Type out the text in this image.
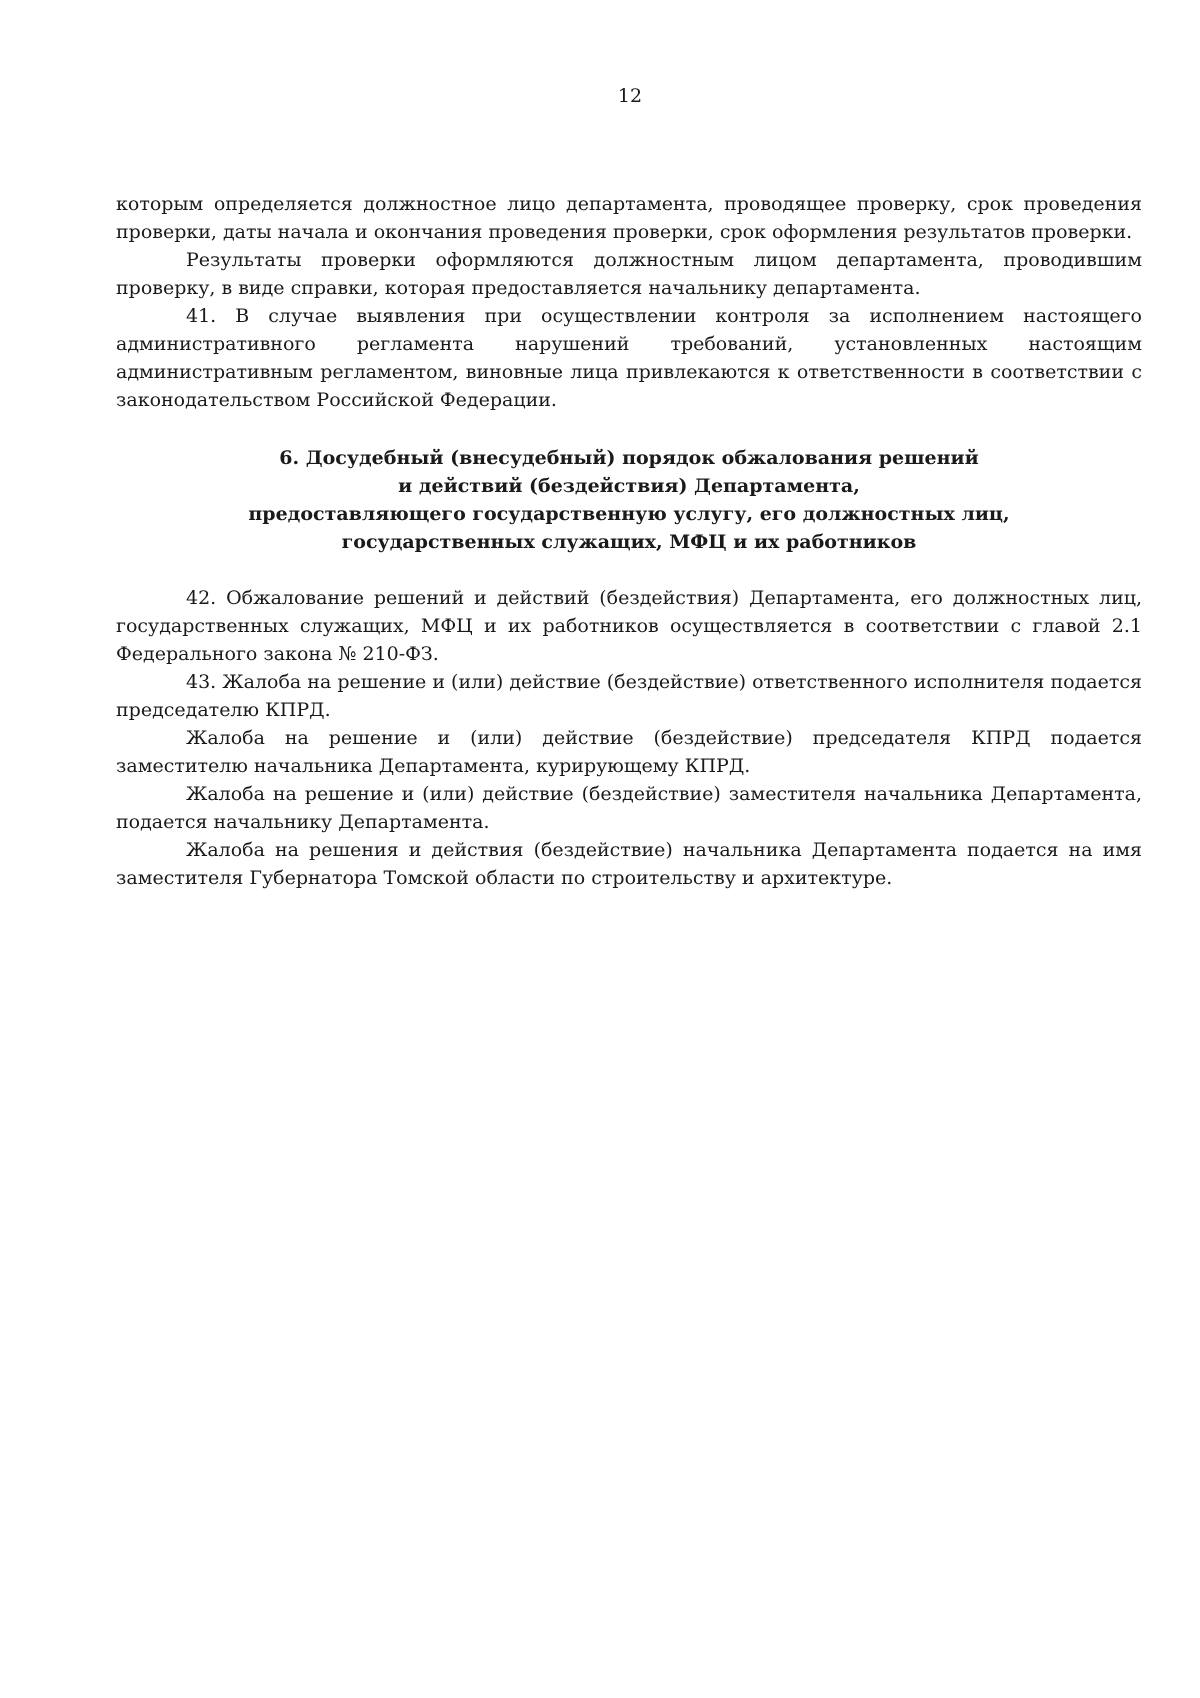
12

которым определяется должностное лицо департамента, проводящее проверку, срок проведения проверки, даты начала и окончания проведения проверки, срок оформления результатов проверки.

Результаты проверки оформляются должностным лицом департамента, проводившим проверку, в виде справки, которая предоставляется начальнику департамента.

41. В случае выявления при осуществлении контроля за исполнением настоящего административного регламента нарушений требований, установленных настоящим административным регламентом, виновные лица привлекаются к ответственности в соответствии с законодательством Российской Федерации.

6. Досудебный (внесудебный) порядок обжалования решений
и действий (бездействия) Департамента,
предоставляющего государственную услугу, его должностных лиц,
государственных служащих, МФЦ и их работников

42. Обжалование решений и действий (бездействия) Департамента, его должностных лиц, государственных служащих, МФЦ и их работников осуществляется в соответствии с главой 2.1 Федерального закона № 210-ФЗ.

43. Жалоба на решение и (или) действие (бездействие) ответственного исполнителя подается председателю КПРД.

Жалоба на решение и (или) действие (бездействие) председателя КПРД подается заместителю начальника Департамента, курирующему КПРД.

Жалоба на решение и (или) действие (бездействие) заместителя начальника Департамента, подается начальнику Департамента.

Жалоба на решения и действия (бездействие) начальника Департамента подается на имя заместителя Губернатора Томской области по строительству и архитектуре.
